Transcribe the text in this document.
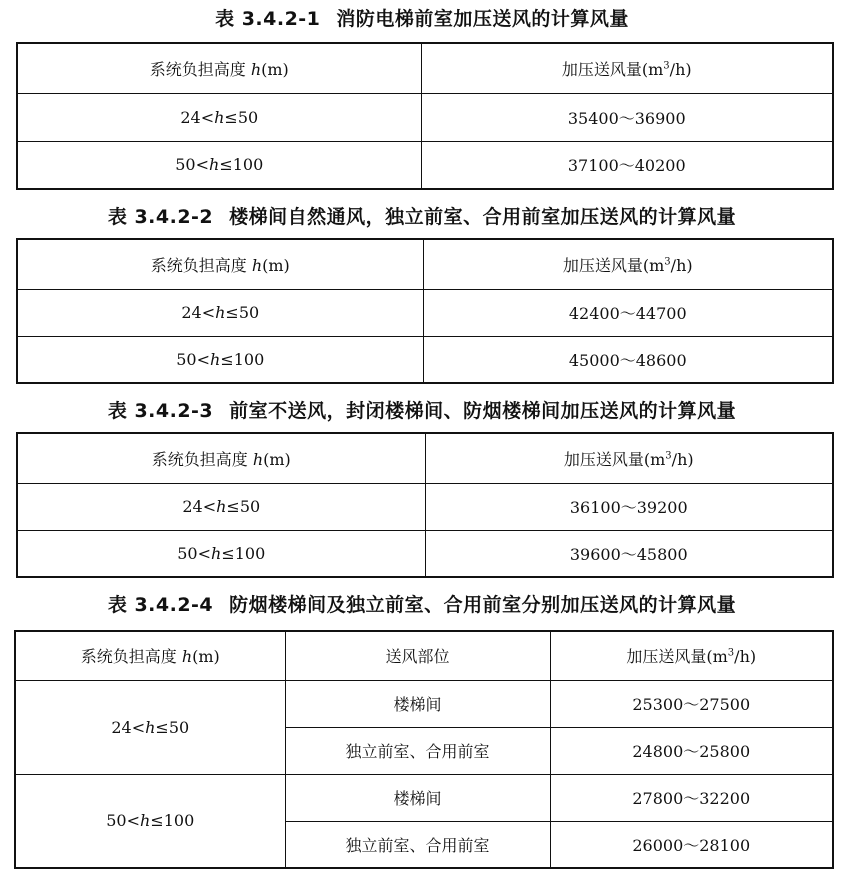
表 3.4.2-1 消防电梯前室加压送风的计算风量
系统负担高度 h(m)	加压送风量$(m^3/h)$
24<h≤50	35400～36900
50<h≤100	37100～40200
表 3.4.2-2 楼梯间自然通风，独立前室、合用前室加压送风的计算风量
系统负担高度 h(m)	加压送风量$(m^3/h)$
24<h≤50	42400～44700
50<h≤100	45000～48600
表 3.4.2-3 前室不送风，封闭楼梯间、防烟楼梯间加压送风的计算风量
系统负担高度 h(m)	加压送风量$(m^3/h)$
24<h≤50	36100～39200
50<h≤100	39600～45800
表 3.4.2-4 防烟楼梯间及独立前室、合用前室分别加压送风的计算风量
系统负担高度 h(m)	送风部位	加压送风量$(m^3/h)$
24<h≤50	楼梯间	25300～27500
	独立前室、合用前室	24800～25800
50<h≤100	楼梯间	27800～32200
	独立前室、合用前室	26000～28100
